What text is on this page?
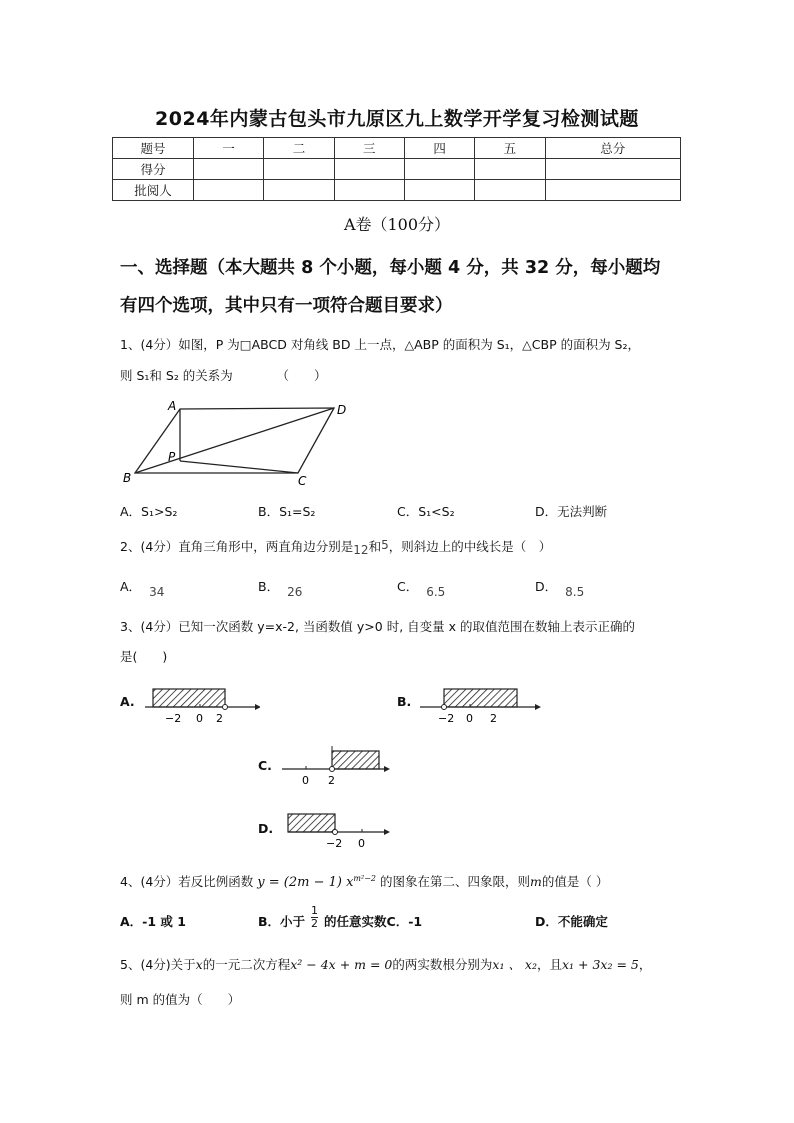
2024年内蒙古包头市九原区九上数学开学复习检测试题
题号	一	二	三	四	五	总分
得分						
批阅人						
A卷（100分）
一、选择题（本大题共 8 个小题，每小题 4 分，共 32 分，每小题均
有四个选项，其中只有一项符合题目要求）
1、(4分）如图，P 为□ABCD 对角线 BD 上一点，△ABP 的面积为 S₁，△CBP 的面积为 S₂，
则 S₁和 S₂ 的关系为　　　　（　　）
A	D
B	C
P
A．S₁>S₂	B．S₁=S₂	C．S₁<S₂	D．无法判断
2、(4分）直角三角形中，两直角边分别是12和5，则斜边上的中线长是（　）
A． 34	B． 26	C． 6.5	D． 8.5
3、(4分）已知一次函数 y=x-2, 当函数值 y>0 时, 自变量 x 的取值范围在数轴上表示正确的
是(　　)
A.
−2 0 2
B.
−2 0 2
C.
0 2
D.
−2 0
4、(4分）若反比例函数 y = (2m − 1) $x^{m^2-2}$ 的图象在第二、四象限，则m的值是（ ）
A．-1 或 1	B．小于 $\frac{1}{2}$ 的任意实数C．-1	D．不能确定
5、(4分)关于x的一元二次方程x² − 4x + m = 0的两实数根分别为x₁ 、 x₂，且x₁ + 3x₂ = 5，
则 m 的值为（　　）
